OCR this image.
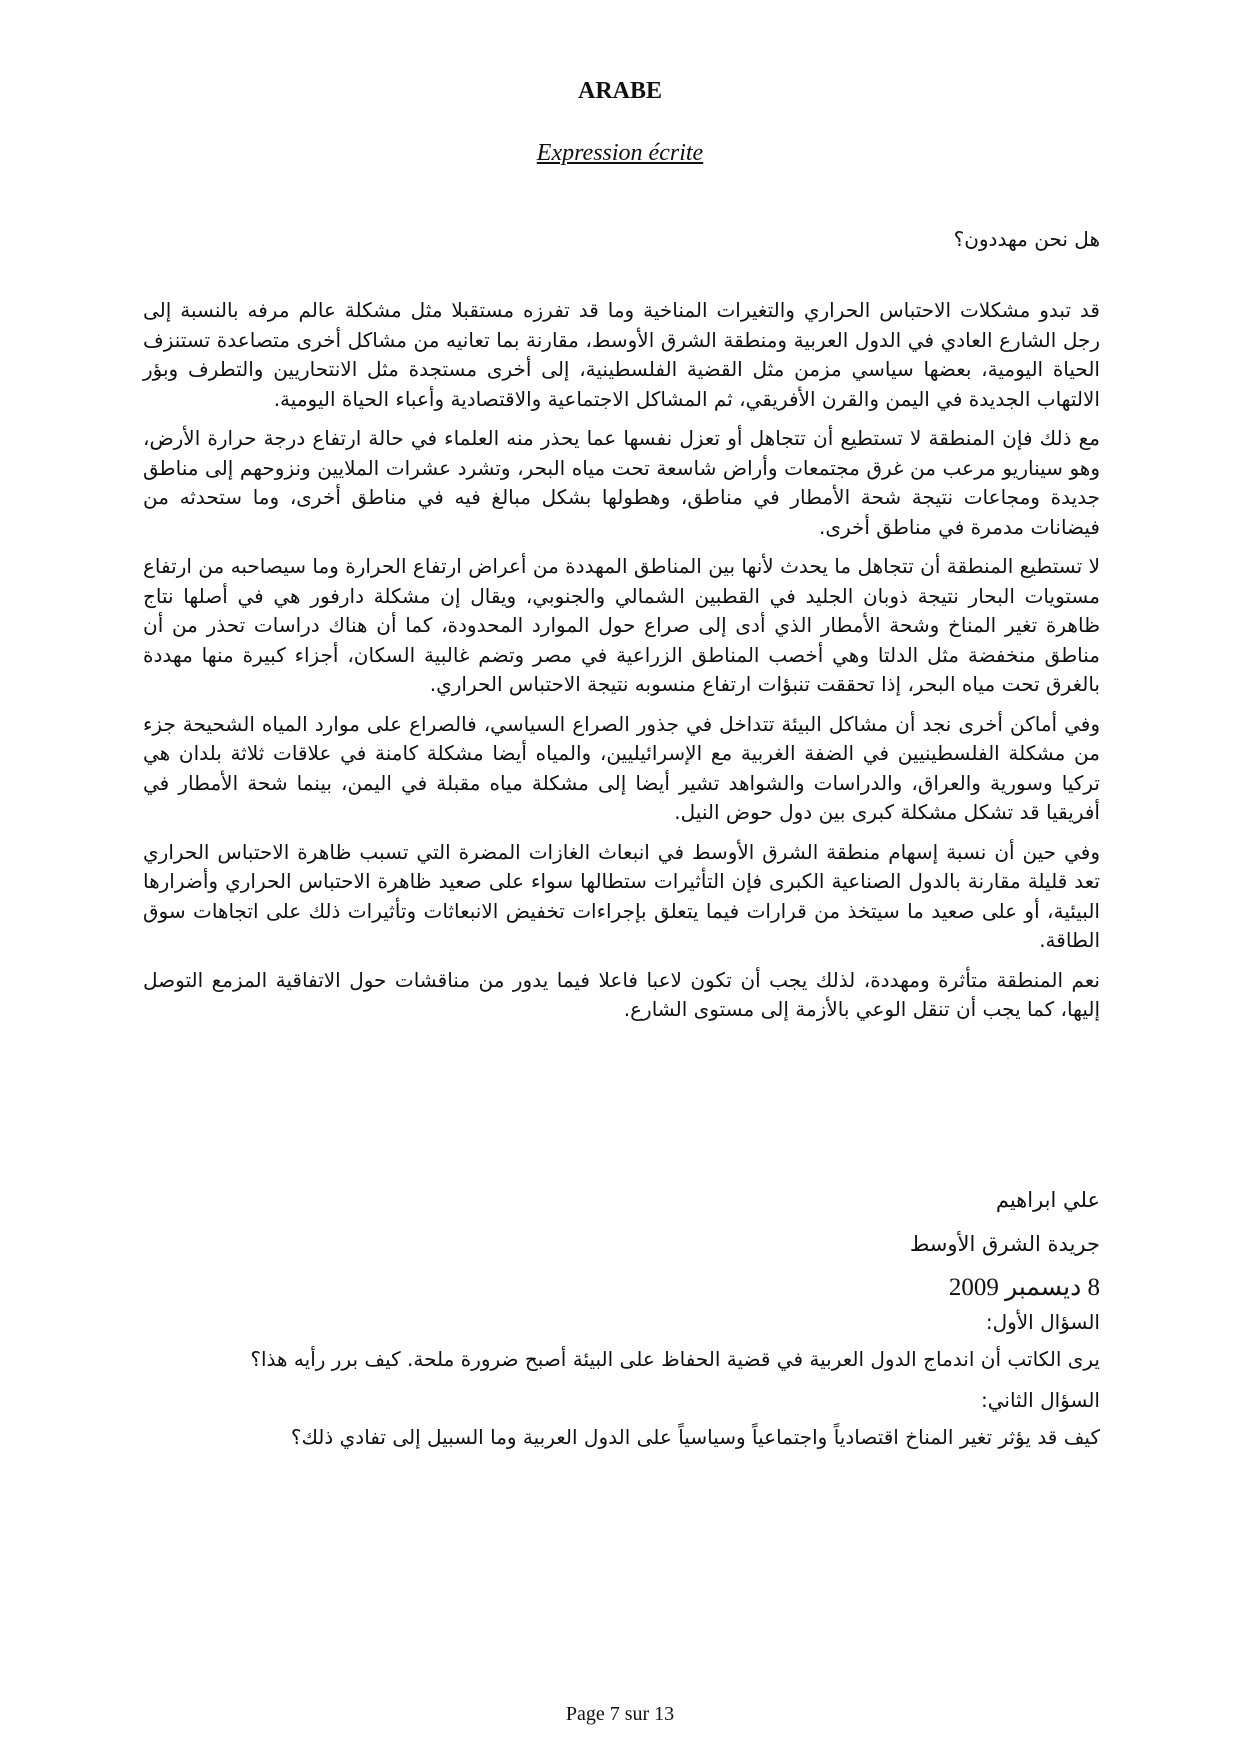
ARABE
Expression écrite
هل نحن مهددون؟

قد تبدو مشكلات الاحتباس الحراري والتغيرات المناخية وما قد تفرزه مستقبلا مثل مشكلة عالم مرفه بالنسبة إلى رجل الشارع العادي في الدول العربية ومنطقة الشرق الأوسط، مقارنة بما تعانيه من مشاكل أخرى متصاعدة تستنزف الحياة اليومية، بعضها سياسي مزمن مثل القضية الفلسطينية، إلى أخرى مستجدة مثل الانتحاريين والتطرف وبؤر الالتهاب الجديدة في اليمن والقرن الأفريقي، ثم المشاكل الاجتماعية والاقتصادية وأعباء الحياة اليومية.

مع ذلك فإن المنطقة لا تستطيع أن تتجاهل أو تعزل نفسها عما يحذر منه العلماء في حالة ارتفاع درجة حرارة الأرض، وهو سيناريو مرعب من غرق مجتمعات وأراض شاسعة تحت مياه البحر، وتشرد عشرات الملايين ونزوحهم إلى مناطق جديدة ومجاعات نتيجة شحة الأمطار في مناطق، وهطولها بشكل مبالغ فيه في مناطق أخرى، وما ستحدثه من فيضانات مدمرة في مناطق أخرى.

لا تستطيع المنطقة أن تتجاهل ما يحدث لأنها بين المناطق المهددة من أعراض ارتفاع الحرارة وما سيصاحبه من ارتفاع مستويات البحار نتيجة ذوبان الجليد في القطبين الشمالي والجنوبي، ويقال إن مشكلة دارفور هي في أصلها نتاج ظاهرة تغير المناخ وشحة الأمطار الذي أدى إلى صراع حول الموارد المحدودة، كما أن هناك دراسات تحذر من أن مناطق منخفضة مثل الدلتا وهي أخصب المناطق الزراعية في مصر وتضم غالبية السكان، أجزاء كبيرة منها مهددة بالغرق تحت مياه البحر، إذا تحققت تنبؤات ارتفاع منسوبه نتيجة الاحتباس الحراري.

وفي أماكن أخرى نجد أن مشاكل البيئة تتداخل في جذور الصراع السياسي، فالصراع على موارد المياه الشحيحة جزء من مشكلة الفلسطينيين في الضفة الغربية مع الإسرائيليين، والمياه أيضا مشكلة كامنة في علاقات ثلاثة بلدان هي تركيا وسورية والعراق، والدراسات والشواهد تشير أيضا إلى مشكلة مياه مقبلة في اليمن، بينما شحة الأمطار في أفريقيا قد تشكل مشكلة كبرى بين دول حوض النيل.

وفي حين أن نسبة إسهام منطقة الشرق الأوسط في انبعاث الغازات المضرة التي تسبب ظاهرة الاحتباس الحراري تعد قليلة مقارنة بالدول الصناعية الكبرى فإن التأثيرات ستطالها سواء على صعيد ظاهرة الاحتباس الحراري وأضرارها البيئية، أو على صعيد ما سيتخذ من قرارات فيما يتعلق بإجراءات تخفيض الانبعاثات وتأثيرات ذلك على اتجاهات سوق الطاقة.

نعم المنطقة متأثرة ومهددة، لذلك يجب أن تكون لاعبا فاعلا فيما يدور من مناقشات حول الاتفاقية المزمع التوصل إليها، كما يجب أن تنقل الوعي بالأزمة إلى مستوى الشارع.

علي ابراهيم
جريدة الشرق الأوسط
8 ديسمبر 2009
السؤال الأول:
يرى الكاتب أن اندماج الدول العربية في قضية الحفاظ على البيئة أصبح ضرورة ملحة. كيف برر رأيه هذا؟
السؤال الثاني:
كيف قد يؤثر تغير المناخ اقتصادياً واجتماعياً وسياسياً على الدول العربية وما السبيل إلى تفادي ذلك؟
Page 7 sur 13
